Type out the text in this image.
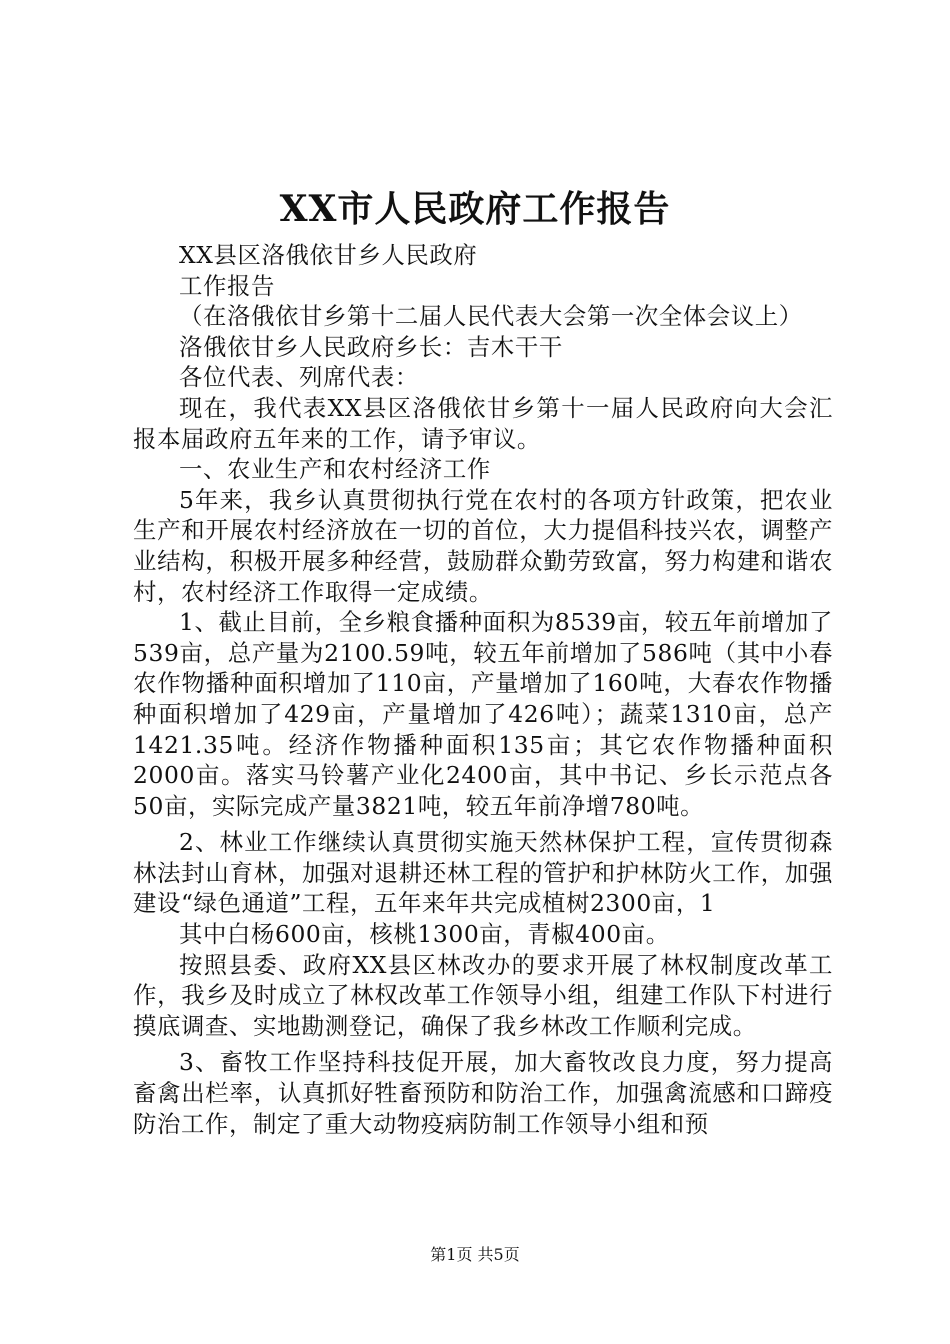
XX市人民政府工作报告

XX县区洛俄依甘乡人民政府

工作报告

（在洛俄依甘乡第十二届人民代表大会第一次全体会议上）

洛俄依甘乡人民政府乡长：吉木干干

各位代表、列席代表：

现在，我代表XX县区洛俄依甘乡第十一届人民政府向大会汇报本届政府五年来的工作，请予审议。

一、农业生产和农村经济工作

5年来，我乡认真贯彻执行党在农村的各项方针政策，把农业生产和开展农村经济放在一切的首位，大力提倡科技兴农，调整产业结构，积极开展多种经营，鼓励群众勤劳致富，努力构建和谐农村，农村经济工作取得一定成绩。

1、截止目前，全乡粮食播种面积为8539亩，较五年前增加了539亩，总产量为2100.59吨，较五年前增加了586吨（其中小春农作物播种面积增加了110亩，产量增加了160吨，大春农作物播种面积增加了429亩，产量增加了426吨）；蔬菜1310亩，总产1421.35吨。经济作物播种面积135亩；其它农作物播种面积2000亩。落实马铃薯产业化2400亩，其中书记、乡长示范点各50亩，实际完成产量3821吨，较五年前净增780吨。

2、林业工作继续认真贯彻实施天然林保护工程，宣传贯彻森林法封山育林，加强对退耕还林工程的管护和护林防火工作，加强建设“绿色通道”工程，五年来年共完成植树2300亩，1

其中白杨600亩，核桃1300亩，青椒400亩。

按照县委、政府XX县区林改办的要求开展了林权制度改革工作，我乡及时成立了林权改革工作领导小组，组建工作队下村进行摸底调查、实地勘测登记，确保了我乡林改工作顺利完成。

3、畜牧工作坚持科技促开展，加大畜牧改良力度，努力提高畜禽出栏率，认真抓好牲畜预防和防治工作，加强禽流感和口蹄疫防治工作，制定了重大动物疫病防制工作领导小组和预

第1页 共5页
